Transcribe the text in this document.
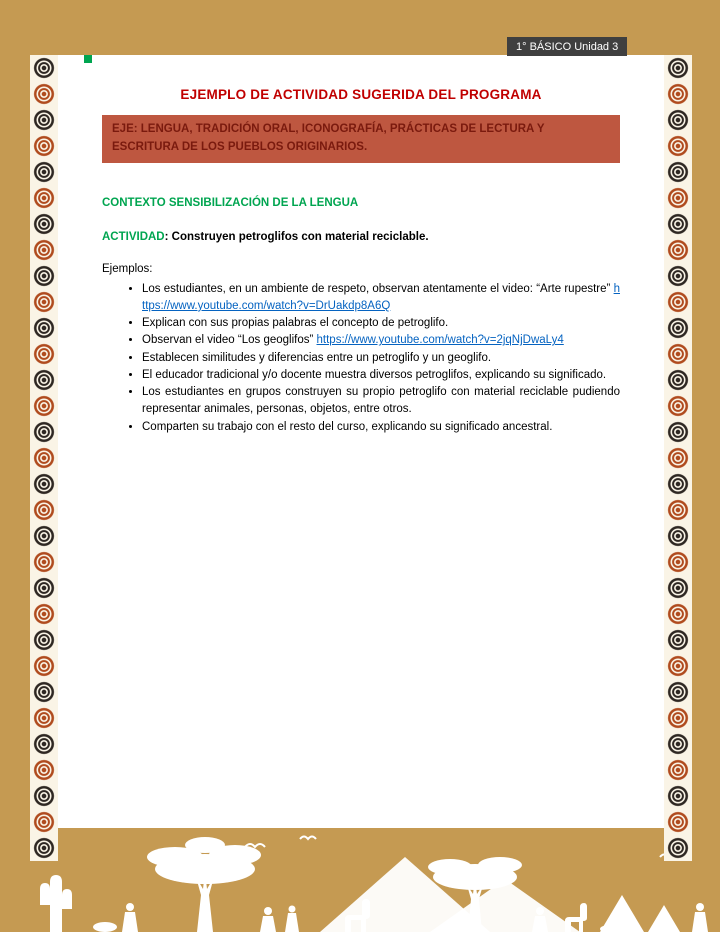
1° BÁSICO Unidad 3
EJEMPLO DE ACTIVIDAD SUGERIDA DEL PROGRAMA
EJE: LENGUA, TRADICIÓN ORAL, ICONOGRAFÍA, PRÁCTICAS DE LECTURA Y ESCRITURA DE LOS PUEBLOS ORIGINARIOS.
CONTEXTO SENSIBILIZACIÓN DE LA LENGUA

ACTIVIDAD: Construyen petroglifos con material reciclable.

Ejemplos:

• Los estudiantes, en un ambiente de respeto, observan atentamente el video: “Arte rupestre” https://www.youtube.com/watch?v=DrUakdp8A6Q
• Explican con sus propias palabras el concepto de petroglifo.
• Observan el video “Los geoglifos” https://www.youtube.com/watch?v=2jqNjDwaLy4
• Establecen similitudes y diferencias entre un petroglifo y un geoglifo.
• El educador tradicional y/o docente muestra diversos petroglifos, explicando su significado.
• Los estudiantes en grupos construyen su propio petroglifo con material reciclable pudiendo representar animales, personas, objetos, entre otros.
• Comparten su trabajo con el resto del curso, explicando su significado ancestral.
